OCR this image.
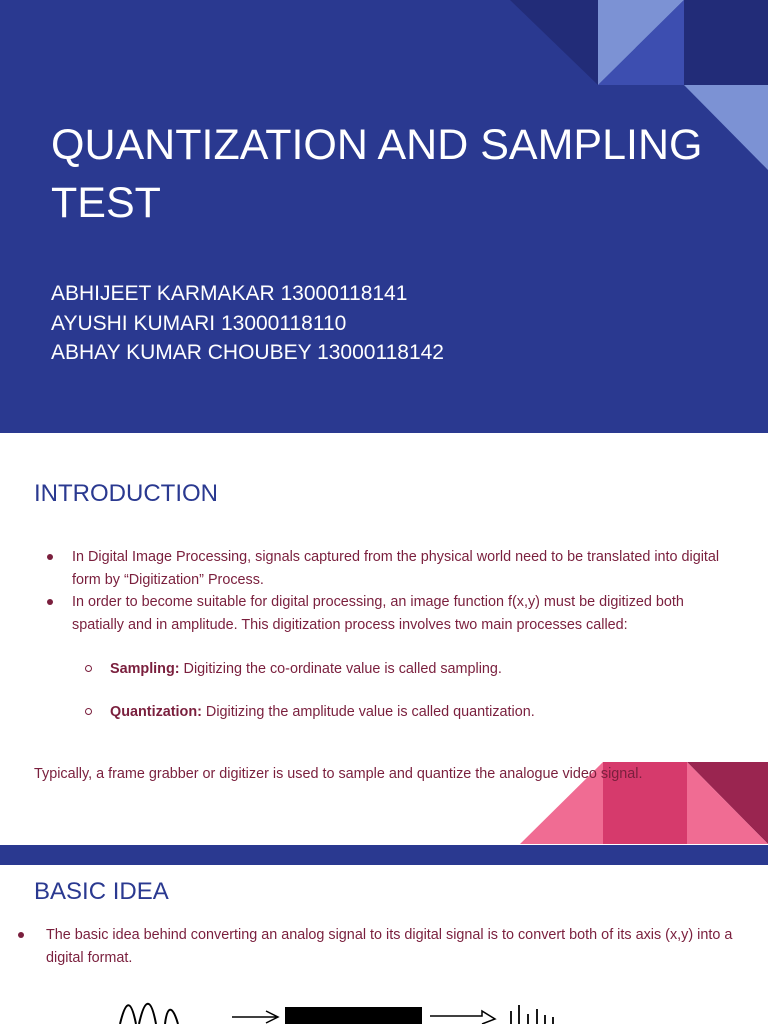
QUANTIZATION AND SAMPLING TEST
ABHIJEET KARMAKAR 13000118141
AYUSHI KUMARI 13000118110
ABHAY KUMAR CHOUBEY 13000118142
INTRODUCTION
In Digital Image Processing, signals captured from the physical world need to be translated into digital form by “Digitization” Process.
In order to become suitable for digital processing, an image function f(x,y) must be digitized both spatially and in amplitude. This digitization process involves two main processes called:

Sampling: Digitizing the co-ordinate value is called sampling.

Quantization: Digitizing the amplitude value is called quantization.

Typically, a frame grabber or digitizer is used to sample and quantize the analogue video signal.

BASIC IDEA
The basic idea behind converting an analog signal to its digital signal is to convert both of its axis (x,y) into a digital format.
